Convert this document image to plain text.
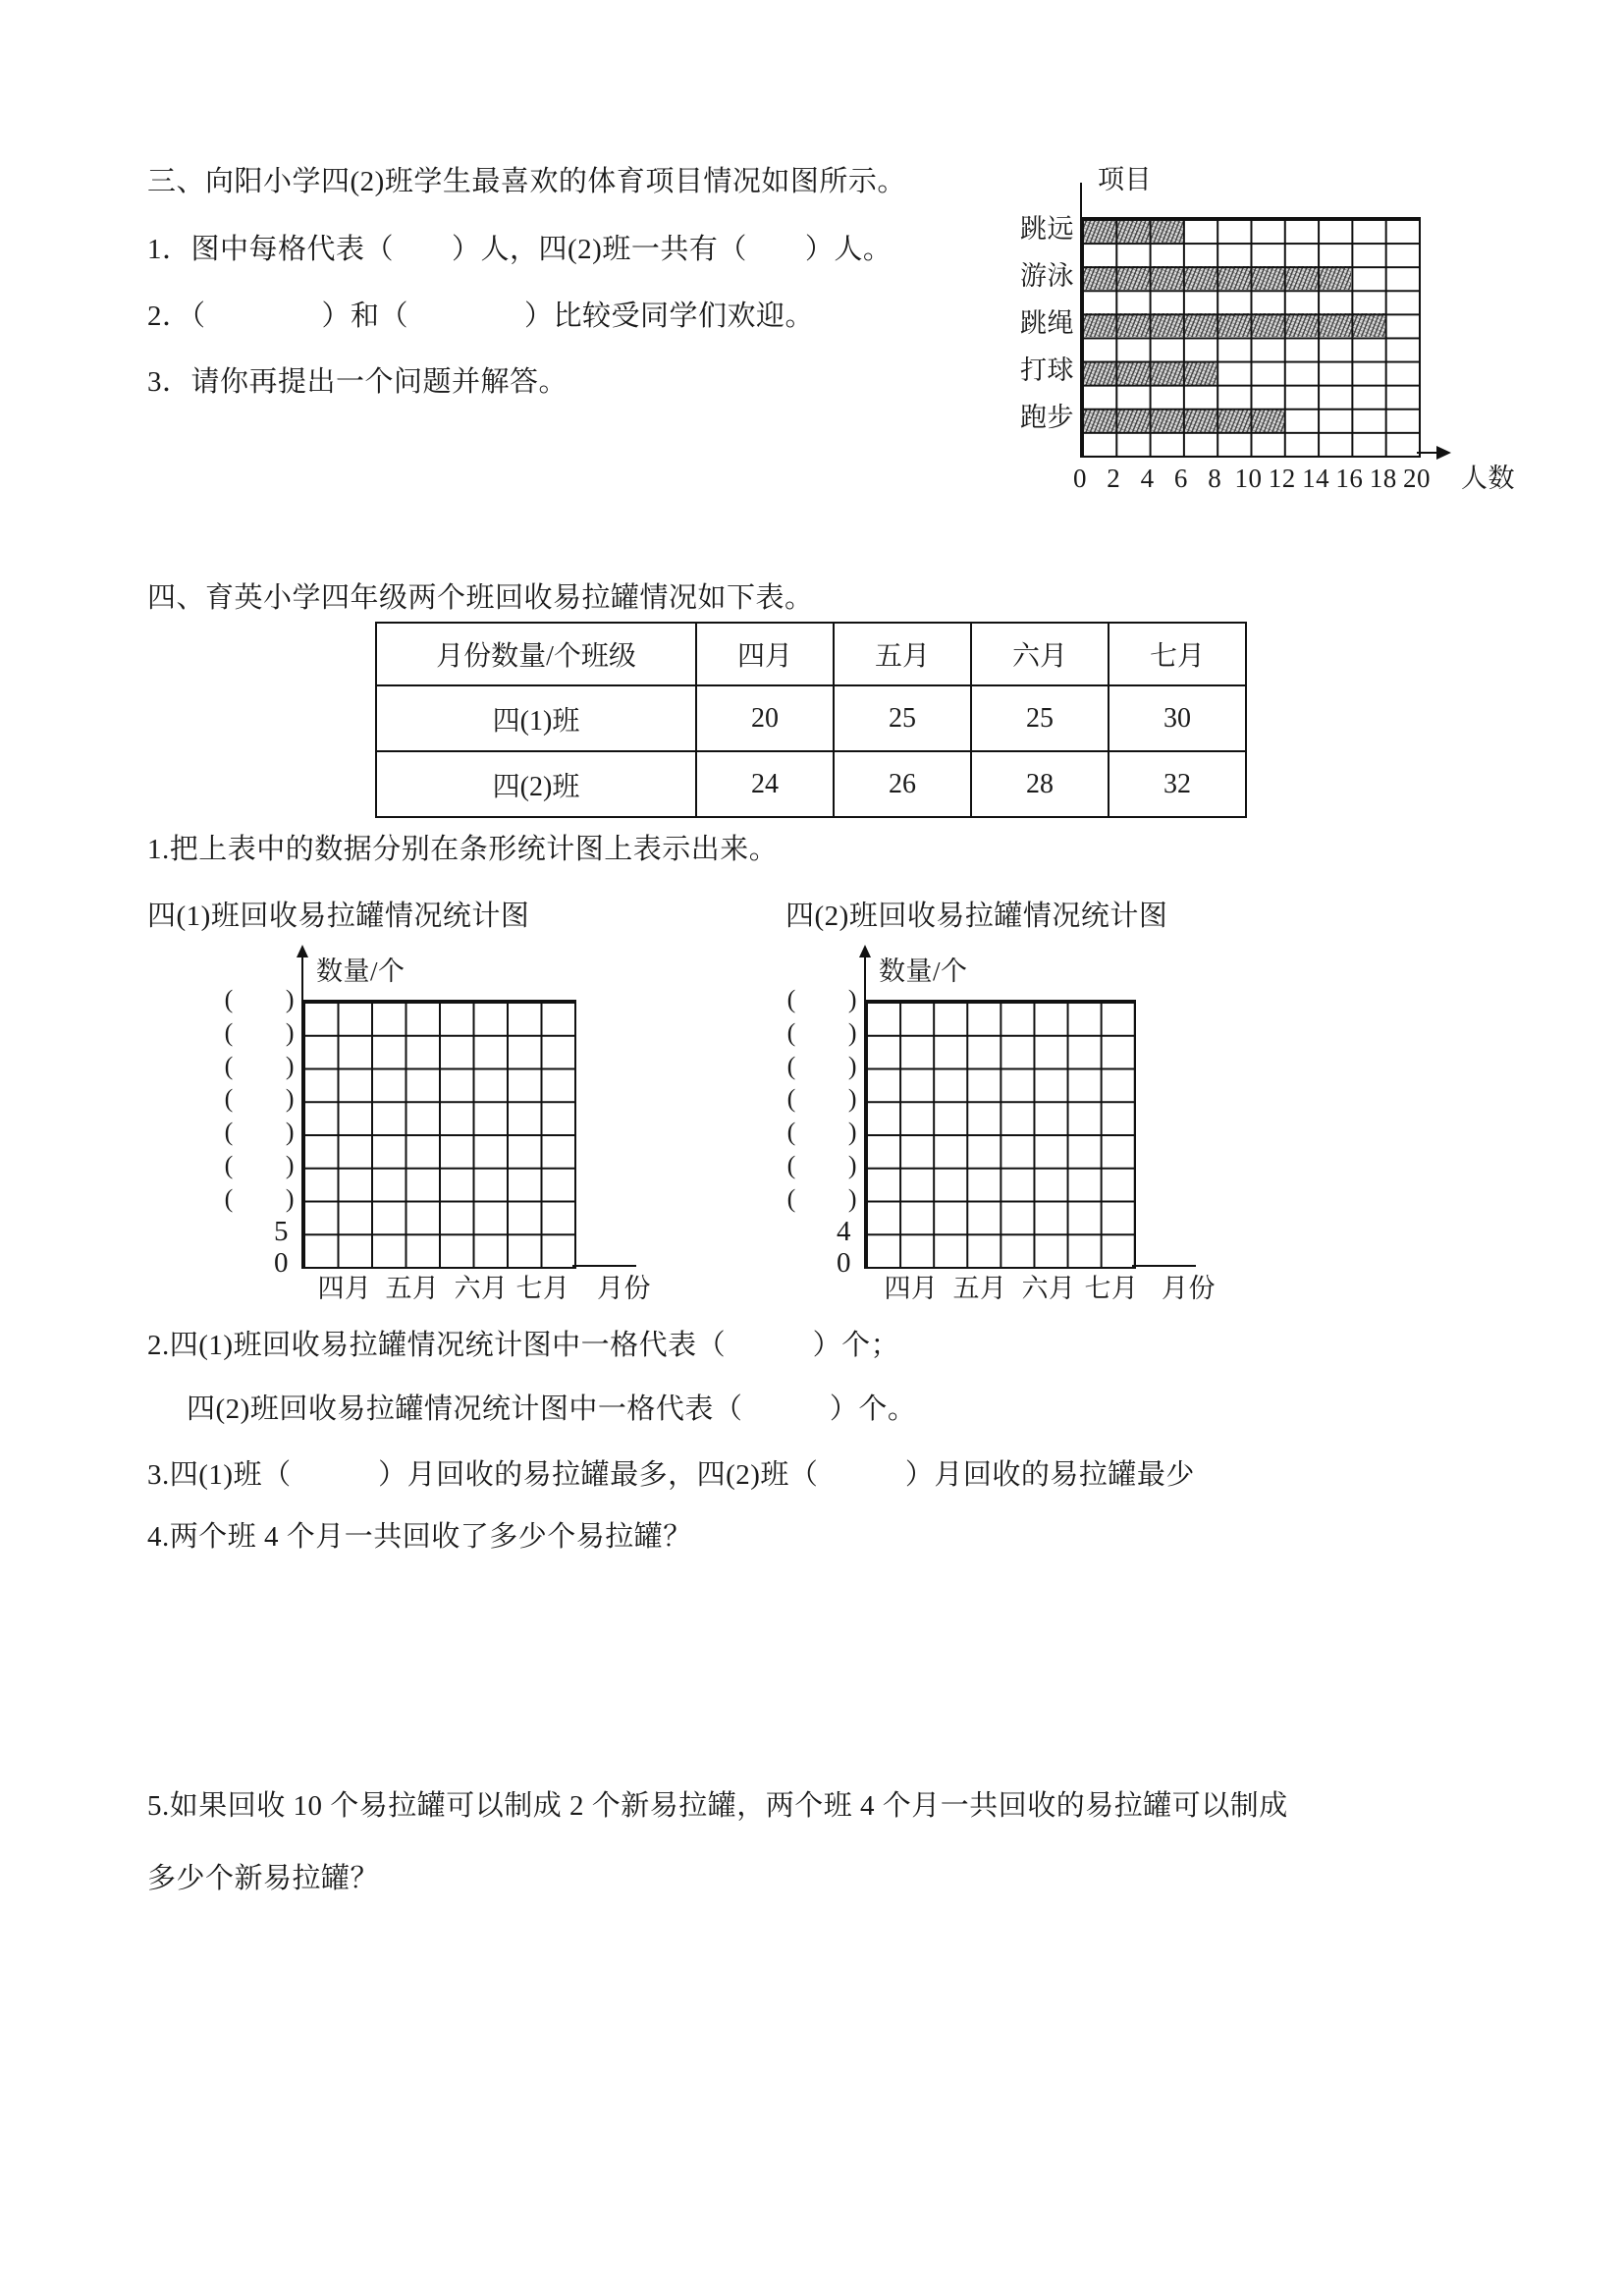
三、向阳小学四(2)班学生最喜欢的体育项目情况如图所示。
1．图中每格代表（　　）人，四(2)班一共有（　　）人。
2．（　　　　）和（　　　　）比较受同学们欢迎。
3．请你再提出一个问题并解答。
项目
跳远
游泳
跳绳
打球
跑步
0 2 4 6 8 10 12 14 16 18 20 人数
四、育英小学四年级两个班回收易拉罐情况如下表。
月份数量/个班级	四月	五月	六月	七月
四(1)班	20	25	25	30
四(2)班	24	26	28	32
1.把上表中的数据分别在条形统计图上表示出来。
四(1)班回收易拉罐情况统计图	四(2)班回收易拉罐情况统计图
数量/个
(　　)
(　　)
(　　)
(　　)
(　　)
(　　)
(　　)
5
0
四月 五月 六月 七月 月份
数量/个
(　　)
(　　)
(　　)
(　　)
(　　)
(　　)
(　　)
4
0
四月 五月 六月 七月 月份
2.四(1)班回收易拉罐情况统计图中一格代表（　　　）个；
四(2)班回收易拉罐情况统计图中一格代表（　　　）个。
3.四(1)班（　　　）月回收的易拉罐最多，四(2)班（　　　）月回收的易拉罐最少
4.两个班 4 个月一共回收了多少个易拉罐？
5.如果回收 10 个易拉罐可以制成 2 个新易拉罐，两个班 4 个月一共回收的易拉罐可以制成
多少个新易拉罐？
